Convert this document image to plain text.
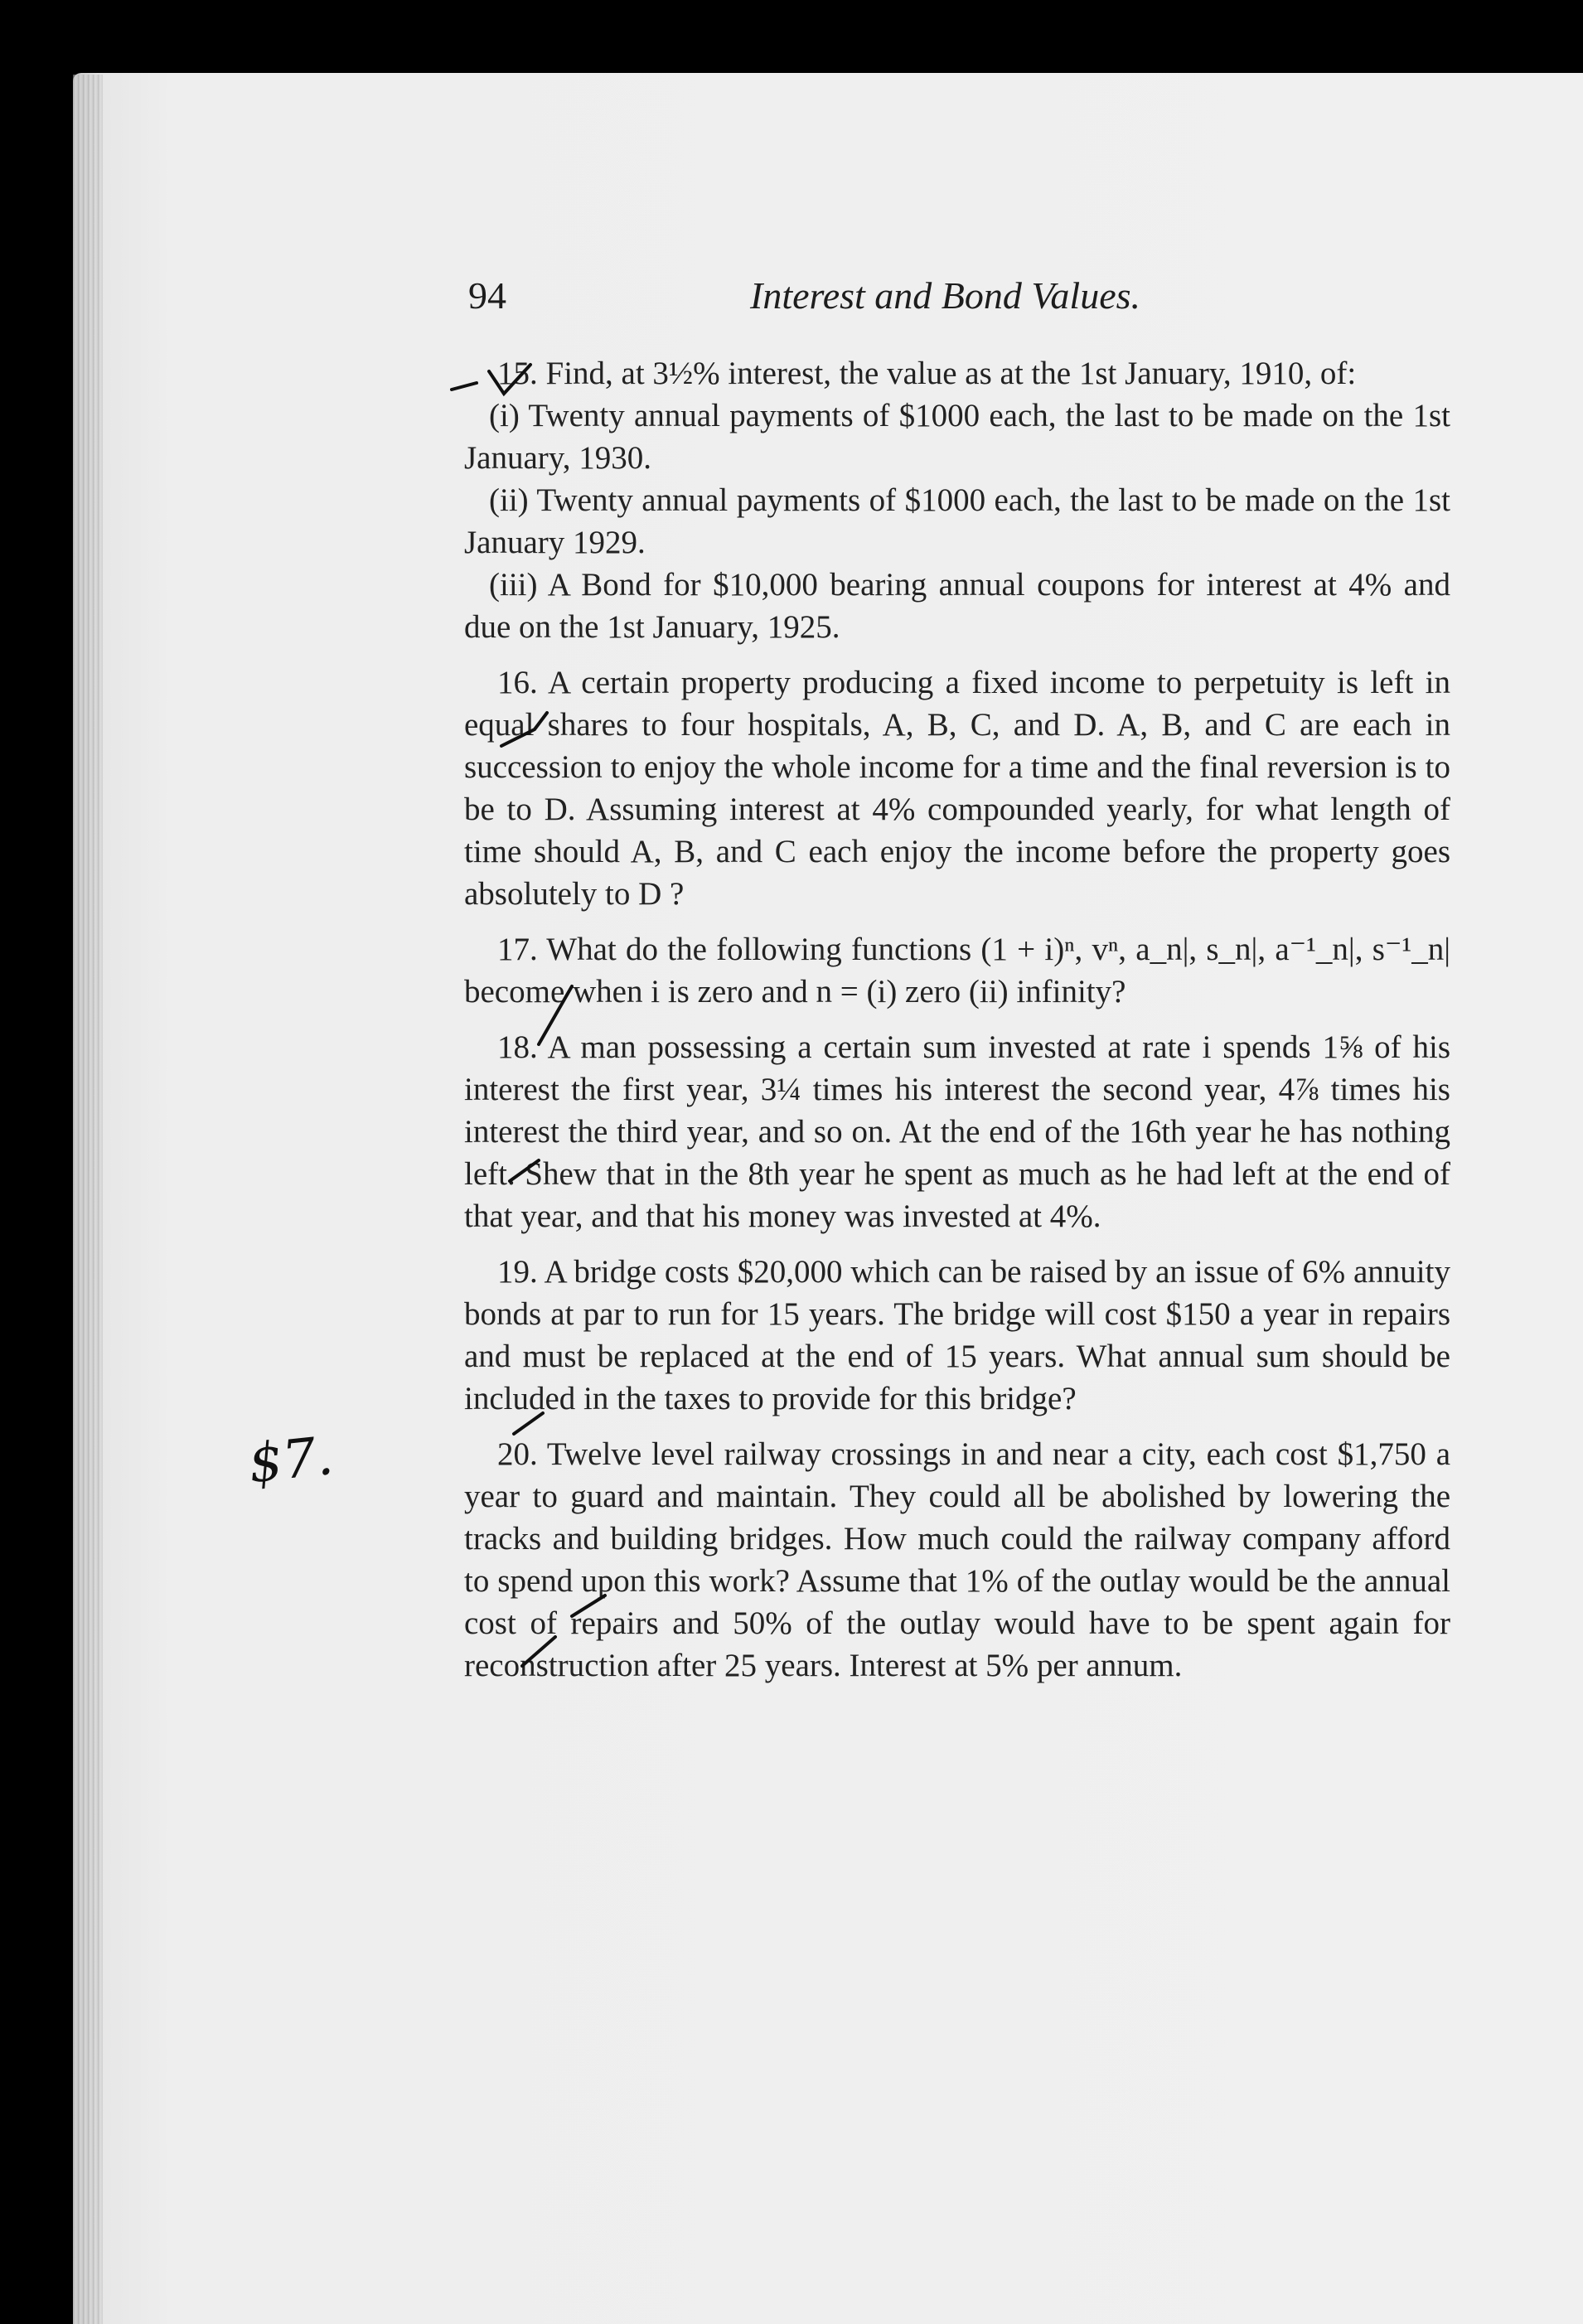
94	Interest and Bond Values.

15. Find, at 3½% interest, the value as at the 1st January, 1910, of:

(i) Twenty annual payments of $1000 each, the last to be made on the 1st January, 1930.

(ii) Twenty annual payments of $1000 each, the last to be made on the 1st January 1929.

(iii) A Bond for $10,000 bearing annual coupons for interest at 4% and due on the 1st January, 1925.

16. A certain property producing a fixed income to perpetuity is left in equal shares to four hospitals, A, B, C, and D. A, B, and C are each in succession to enjoy the whole income for a time and the final reversion is to be to D. Assuming interest at 4% compounded yearly, for what length of time should A, B, and C each enjoy the income before the property goes absolutely to D ?

17. What do the following functions (1 + i)ⁿ, vⁿ, a_n|, s_n|, a⁻¹_n|, s⁻¹_n| become when i is zero and n = (i) zero (ii) infinity?

18. A man possessing a certain sum invested at rate i spends 1⅝ of his interest the first year, 3¼ times his interest the second year, 4⅞ times his interest the third year, and so on. At the end of the 16th year he has nothing left. Shew that in the 8th year he spent as much as he had left at the end of that year, and that his money was invested at 4%.

19. A bridge costs $20,000 which can be raised by an issue of 6% annuity bonds at par to run for 15 years. The bridge will cost $150 a year in repairs and must be replaced at the end of 15 years. What annual sum should be included in the taxes to provide for this bridge?

20. Twelve level railway crossings in and near a city, each cost $1,750 a year to guard and maintain. They could all be abolished by lowering the tracks and building bridges. How much could the railway company afford to spend upon this work? Assume that 1% of the outlay would be the annual cost of repairs and 50% of the outlay would have to be spent again for reconstruction after 25 years. Interest at 5% per annum.

$7.
